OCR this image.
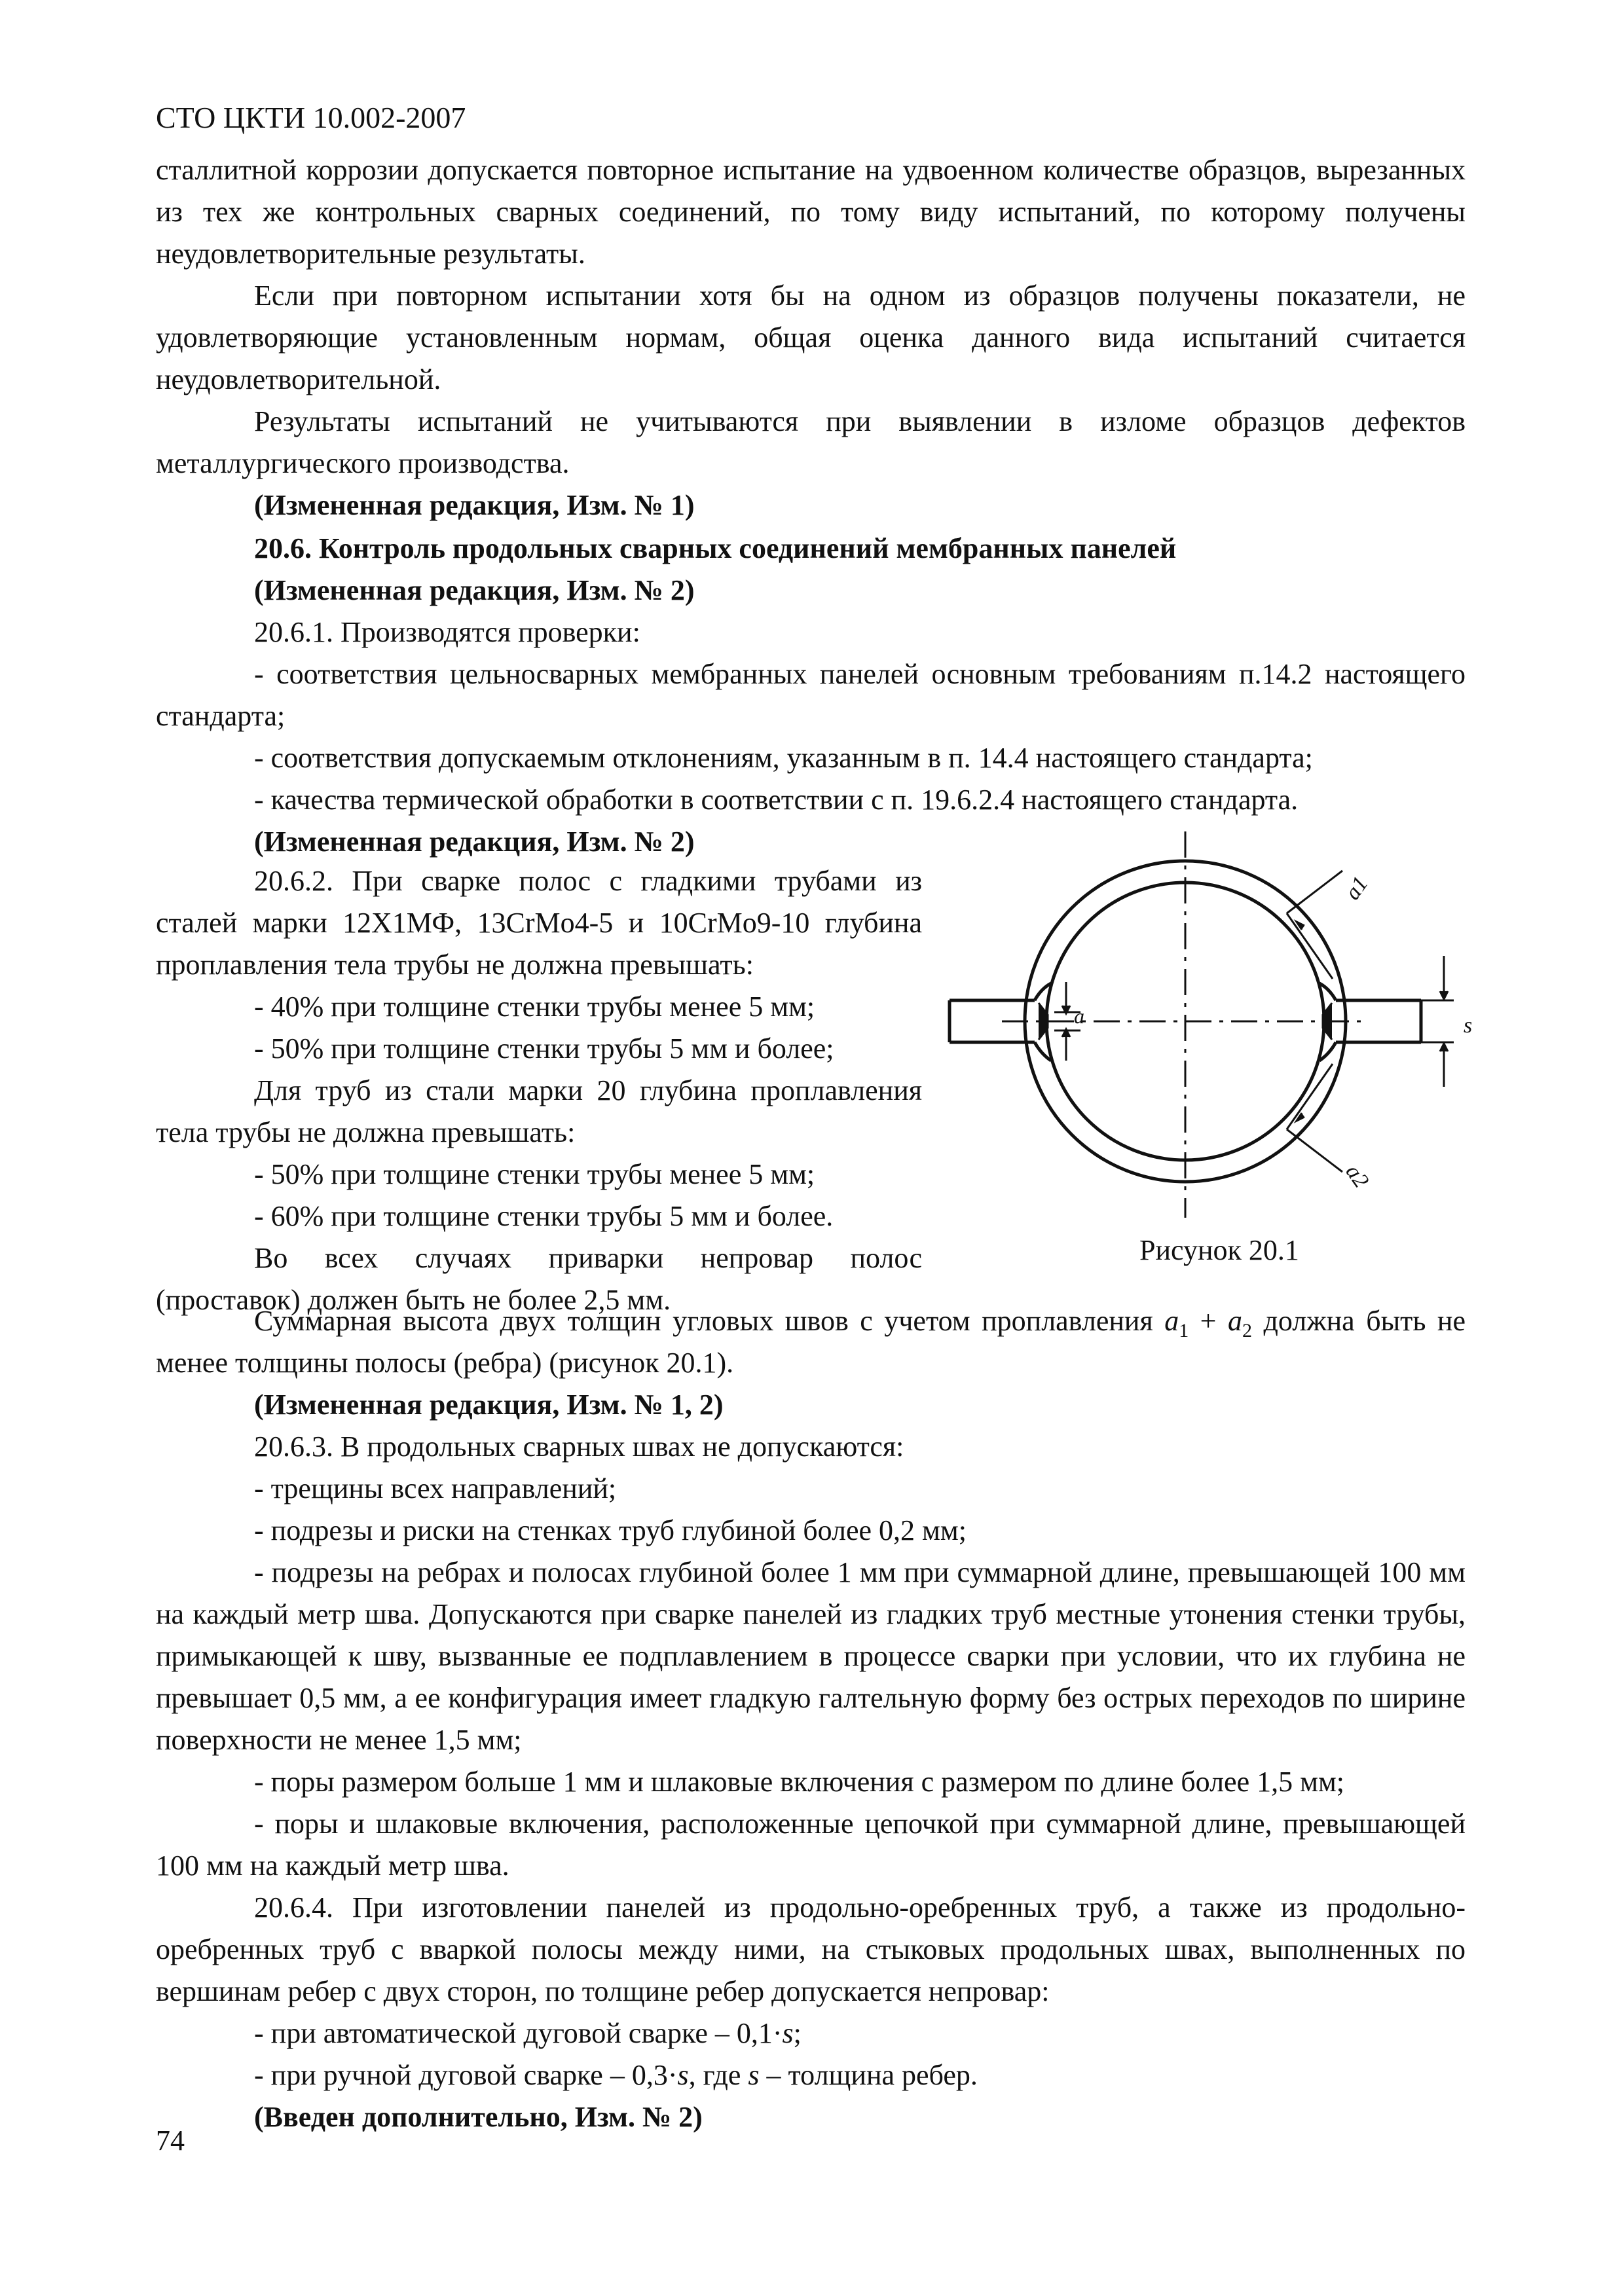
СТО ЦКТИ 10.002-2007

сталлитной коррозии допускается повторное испытание на удвоенном количестве образцов, вырезанных из тех же контрольных сварных соединений, по тому виду испытаний, по которому получены неудовлетворительные результаты.

Если при повторном испытании хотя бы на одном из образцов получены показатели, не удовлетворяющие установленным нормам, общая оценка данного вида испытаний считается неудовлетворительной.

Результаты испытаний не учитываются при выявлении в изломе образцов дефектов металлургического производства.

(Измененная редакция, Изм. № 1)

20.6. Контроль продольных сварных соединений мембранных панелей

(Измененная редакция, Изм. № 2)

20.6.1. Производятся проверки:

- соответствия цельносварных мембранных панелей основным требованиям п.14.2 настоящего стандарта;

- соответствия допускаемым отклонениям, указанным в п. 14.4 настоящего стандарта;

- качества термической обработки в соответствии с п. 19.6.2.4 настоящего стандарта.

(Измененная редакция, Изм. № 2)

20.6.2. При сварке полос с гладкими трубами из сталей марки 12Х1МФ, 13CrMo4-5 и 10CrMo9-10 глубина проплавления тела трубы не должна превышать:

- 40% при толщине стенки трубы менее 5 мм;

- 50% при толщине стенки трубы 5 мм и более;

Для труб из стали марки 20 глубина проплавления тела трубы не должна превышать:

- 50% при толщине стенки трубы менее 5 мм;

- 60% при толщине стенки трубы 5 мм и более.

Во всех случаях приварки непровар полос (проставок) должен быть не более 2,5 мм.

Суммарная высота двух толщин угловых швов с учетом проплавления $a_1 + a_2$ должна быть не менее толщины полосы (ребра) (рисунок 20.1).

(Измененная редакция, Изм. № 1, 2)

20.6.3. В продольных сварных швах не допускаются:

- трещины всех направлений;

- подрезы и риски на стенках труб глубиной более 0,2 мм;

- подрезы на ребрах и полосах глубиной более 1 мм при суммарной длине, превышающей 100 мм на каждый метр шва. Допускаются при сварке панелей из гладких труб местные утонения стенки трубы, примыкающей к шву, вызванные ее подплавлением в процессе сварки при условии, что их глубина не превышает 0,5 мм, а ее конфигурация имеет гладкую галтельную форму без острых переходов по ширине поверхности не менее 1,5 мм;

- поры размером больше 1 мм и шлаковые включения с размером по длине более 1,5 мм;

- поры и шлаковые включения, расположенные цепочкой при суммарной длине, превышающей 100 мм на каждый метр шва.

20.6.4. При изготовлении панелей из продольно-оребренных труб, а также из продольно-оребренных труб с вваркой полосы между ними, на стыковых продольных швах, выполненных по вершинам ребер с двух сторон, по толщине ребер допускается непровар:

- при автоматической дуговой сварке – 0,1·s;

- при ручной дуговой сварке – 0,3·s, где s – толщина ребер.

(Введен дополнительно, Изм. № 2)

a1
a2
a	s
Рисунок 20.1
74
